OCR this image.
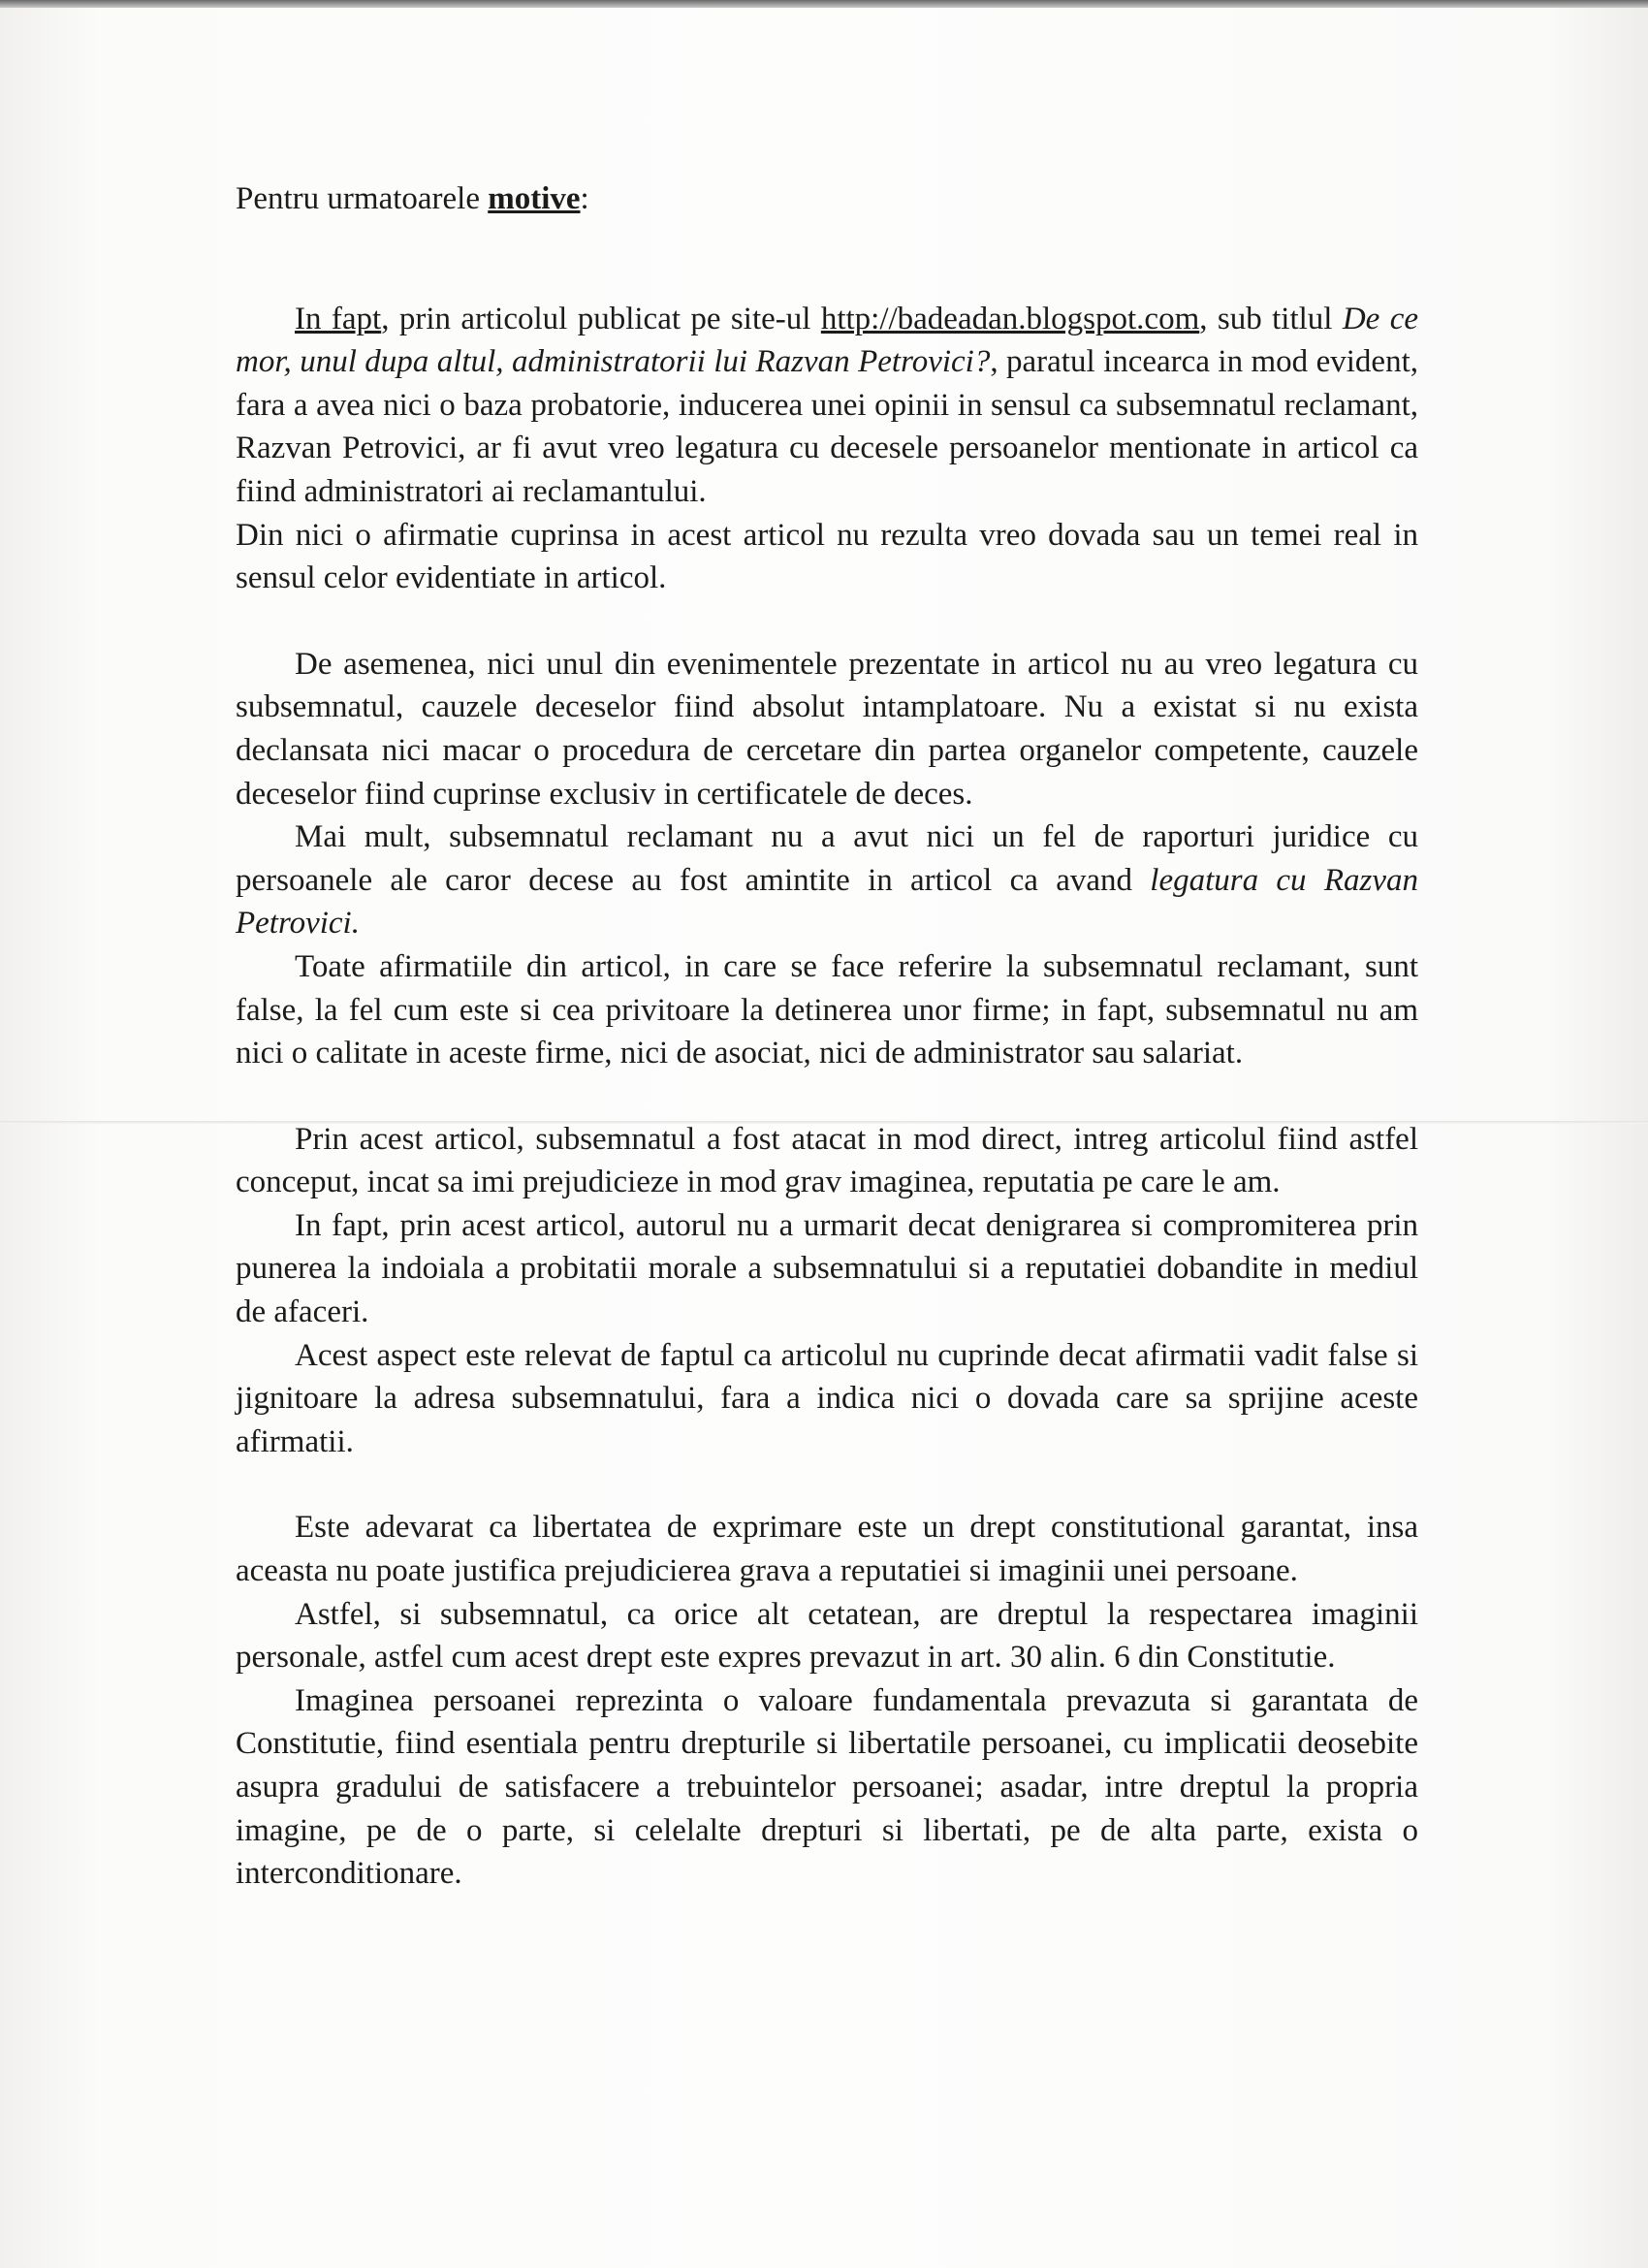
Pentru urmatoarele motive:

In fapt, prin articolul publicat pe site-ul http://badeadan.blogspot.com, sub titlul De ce mor, unul dupa altul, administratorii lui Razvan Petrovici?, paratul incearca in mod evident, fara a avea nici o baza probatorie, inducerea unei opinii in sensul ca subsemnatul reclamant, Razvan Petrovici, ar fi avut vreo legatura cu decesele persoanelor mentionate in articol ca fiind administratori ai reclamantului.

Din nici o afirmatie cuprinsa in acest articol nu rezulta vreo dovada sau un temei real in sensul celor evidentiate in articol.

De asemenea, nici unul din evenimentele prezentate in articol nu au vreo legatura cu subsemnatul, cauzele deceselor fiind absolut intamplatoare. Nu a existat si nu exista declansata nici macar o procedura de cercetare din partea organelor competente, cauzele deceselor fiind cuprinse exclusiv in certificatele de deces.

Mai mult, subsemnatul reclamant nu a avut nici un fel de raporturi juridice cu persoanele ale caror decese au fost amintite in articol ca avand legatura cu Razvan Petrovici.

Toate afirmatiile din articol, in care se face referire la subsemnatul reclamant, sunt false, la fel cum este si cea privitoare la detinerea unor firme; in fapt, subsemnatul nu am nici o calitate in aceste firme, nici de asociat, nici de administrator sau salariat.

Prin acest articol, subsemnatul a fost atacat in mod direct, intreg articolul fiind astfel conceput, incat sa imi prejudicieze in mod grav imaginea, reputatia pe care le am.

In fapt, prin acest articol, autorul nu a urmarit decat denigrarea si compromiterea prin punerea la indoiala a probitatii morale a subsemnatului si a reputatiei dobandite in mediul de afaceri.

Acest aspect este relevat de faptul ca articolul nu cuprinde decat afirmatii vadit false si jignitoare la adresa subsemnatului, fara a indica nici o dovada care sa sprijine aceste afirmatii.

Este adevarat ca libertatea de exprimare este un drept constitutional garantat, insa aceasta nu poate justifica prejudicierea grava a reputatiei si imaginii unei persoane.

Astfel, si subsemnatul, ca orice alt cetatean, are dreptul la respectarea imaginii personale, astfel cum acest drept este expres prevazut in art. 30 alin. 6 din Constitutie.

Imaginea persoanei reprezinta o valoare fundamentala prevazuta si garantata de Constitutie, fiind esentiala pentru drepturile si libertatile persoanei, cu implicatii deosebite asupra gradului de satisfacere a trebuintelor persoanei; asadar, intre dreptul la propria imagine, pe de o parte, si celelalte drepturi si libertati, pe de alta parte, exista o interconditionare.
